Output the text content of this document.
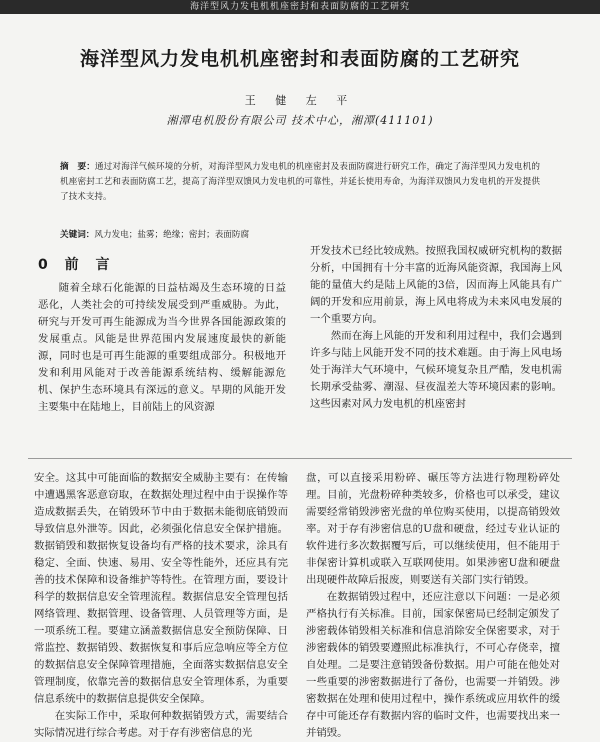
海洋型风力发电机机座密封和表面防腐的工艺研究
海洋型风力发电机机座密封和表面防腐的工艺研究
王 健 左 平
湘潭电机股份有限公司 技术中心，湘潭(411101)
摘　要：通过对海洋气候环境的分析，对海洋型风力发电机的机座密封及表面防腐进行研究工作，确定了海洋型风力发电机的机座密封工艺和表面防腐工艺，提高了海洋型双馈风力发电机的可靠性，并延长使用寿命，为海洋双馈风力发电机的开发提供了技术支持。
关键词：风力发电；盐雾；绝缘；密封；表面防腐
0 前 言

随着全球石化能源的日益枯竭及生态环境的日益恶化，人类社会的可持续发展受到严重威胁。为此，研究与开发可再生能源成为当今世界各国能源政策的发展重点。风能是世界范围内发展速度最快的新能源，同时也是可再生能源的重要组成部分。积极地开发和利用风能对于改善能源系统结构、缓解能源危机、保护生态环境具有深远的意义。早期的风能开发主要集中在陆地上，目前陆上的风资源

开发技术已经比较成熟。按照我国权威研究机构的数据分析，中国拥有十分丰富的近海风能资源，我国海上风能的量值大约是陆上风能的3倍，因而海上风能具有广阔的开发和应用前景，海上风电将成为未来风电发展的一个重要方向。

然而在海上风能的开发和利用过程中，我们会遇到许多与陆上风能开发不同的技术难题。由于海上风电场处于海洋大气环境中，气候环境复杂且严酷，发电机需长期承受盐雾、潮湿、昼夜温差大等环境因素的影响。这些因素对风力发电机的机座密封

安全。这其中可能面临的数据安全威胁主要有：在传输中遭遇黑客恶意窃取，在数据处理过程中由于误操作等造成数据丢失，在销毁环节中由于数据未能彻底销毁而导致信息外泄等。因此，必须强化信息安全保护措施。数据销毁和数据恢复设备均有严格的技术要求，涂具有稳定、全面、快速、易用、安全等性能外，还应具有完善的技术保障和设备维护等特性。在管理方面，要设计科学的数据信息安全管理流程。数据信息安全管理包括网络管理、数据管理、设备管理、人员管理等方面，是一项系统工程。要建立涵盖数据信息安全预防保障、日常监控、数据销毁、数据恢复和事后应急响应等全方位的数据信息安全保障管理措施，全面落实数据信息安全管理制度，依靠完善的数据信息安全管理体系，为重要信息系统中的数据信息提供安全保障。

在实际工作中，采取何种数据销毁方式，需要结合实际情况进行综合考虑。对于存有涉密信息的光

盘，可以直接采用粉碎、碾压等方法进行物理粉碎处理。目前，光盘粉碎种类较多，价格也可以承受，建议需要经常销毁涉密光盘的单位购买使用，以提高销毁效率。对于存有涉密信息的U盘和硬盘，经过专业认证的软件进行多次数据覆写后，可以继续使用，但不能用于非保密计算机或联入互联网使用。如果涉密U盘和硬盘出现硬件故障后报废，则要送有关部门实行销毁。

在数据销毁过程中，还应注意以下问题：一是必须严格执行有关标准。目前，国家保密局已经制定颁发了涉密载体销毁相关标准和信息消除安全保密要求，对于涉密载体的销毁要遵照此标准执行，不可心存侥幸，擅自处理。二是要注意销毁备份数据。用户可能在他处对一些重要的涉密数据进行了备份，也需要一并销毁。涉密数据在处理和使用过程中，操作系统或应用软件的缓存中可能还存有数据内容的临时文件，也需要找出来一并销毁。
